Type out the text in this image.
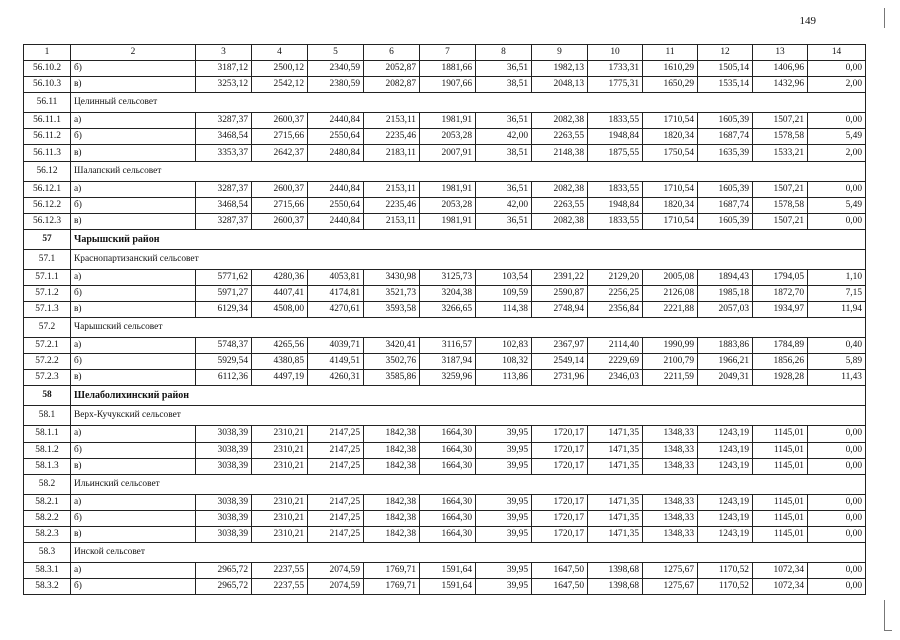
149
1	2	3	4	5	6	7	8	9	10	11	12	13	14
56.10.2	б)	3187,12	2500,12	2340,59	2052,87	1881,66	36,51	1982,13	1733,31	1610,29	1505,14	1406,96	0,00
56.10.3	в)	3253,12	2542,12	2380,59	2082,87	1907,66	38,51	2048,13	1775,31	1650,29	1535,14	1432,96	2,00
56.11	Целинный сельсовет												
56.11.1	а)	3287,37	2600,37	2440,84	2153,11	1981,91	36,51	2082,38	1833,55	1710,54	1605,39	1507,21	0,00
56.11.2	б)	3468,54	2715,66	2550,64	2235,46	2053,28	42,00	2263,55	1948,84	1820,34	1687,74	1578,58	5,49
56.11.3	в)	3353,37	2642,37	2480,84	2183,11	2007,91	38,51	2148,38	1875,55	1750,54	1635,39	1533,21	2,00
56.12	Шалапский сельсовет												
56.12.1	а)	3287,37	2600,37	2440,84	2153,11	1981,91	36,51	2082,38	1833,55	1710,54	1605,39	1507,21	0,00
56.12.2	б)	3468,54	2715,66	2550,64	2235,46	2053,28	42,00	2263,55	1948,84	1820,34	1687,74	1578,58	5,49
56.12.3	в)	3287,37	2600,37	2440,84	2153,11	1981,91	36,51	2082,38	1833,55	1710,54	1605,39	1507,21	0,00
57	Чарышский район												
57.1	Краснопартизанский сельсовет												
57.1.1	а)	5771,62	4280,36	4053,81	3430,98	3125,73	103,54	2391,22	2129,20	2005,08	1894,43	1794,05	1,10
57.1.2	б)	5971,27	4407,41	4174,81	3521,73	3204,38	109,59	2590,87	2256,25	2126,08	1985,18	1872,70	7,15
57.1.3	в)	6129,34	4508,00	4270,61	3593,58	3266,65	114,38	2748,94	2356,84	2221,88	2057,03	1934,97	11,94
57.2	Чарышский сельсовет												
57.2.1	а)	5748,37	4265,56	4039,71	3420,41	3116,57	102,83	2367,97	2114,40	1990,99	1883,86	1784,89	0,40
57.2.2	б)	5929,54	4380,85	4149,51	3502,76	3187,94	108,32	2549,14	2229,69	2100,79	1966,21	1856,26	5,89
57.2.3	в)	6112,36	4497,19	4260,31	3585,86	3259,96	113,86	2731,96	2346,03	2211,59	2049,31	1928,28	11,43
58	Шелаболихинский район												
58.1	Верх-Кучукский сельсовет												
58.1.1	а)	3038,39	2310,21	2147,25	1842,38	1664,30	39,95	1720,17	1471,35	1348,33	1243,19	1145,01	0,00
58.1.2	б)	3038,39	2310,21	2147,25	1842,38	1664,30	39,95	1720,17	1471,35	1348,33	1243,19	1145,01	0,00
58.1.3	в)	3038,39	2310,21	2147,25	1842,38	1664,30	39,95	1720,17	1471,35	1348,33	1243,19	1145,01	0,00
58.2	Ильинский сельсовет												
58.2.1	а)	3038,39	2310,21	2147,25	1842,38	1664,30	39,95	1720,17	1471,35	1348,33	1243,19	1145,01	0,00
58.2.2	б)	3038,39	2310,21	2147,25	1842,38	1664,30	39,95	1720,17	1471,35	1348,33	1243,19	1145,01	0,00
58.2.3	в)	3038,39	2310,21	2147,25	1842,38	1664,30	39,95	1720,17	1471,35	1348,33	1243,19	1145,01	0,00
58.3	Инской сельсовет												
58.3.1	а)	2965,72	2237,55	2074,59	1769,71	1591,64	39,95	1647,50	1398,68	1275,67	1170,52	1072,34	0,00
58.3.2	б)	2965,72	2237,55	2074,59	1769,71	1591,64	39,95	1647,50	1398,68	1275,67	1170,52	1072,34	0,00
